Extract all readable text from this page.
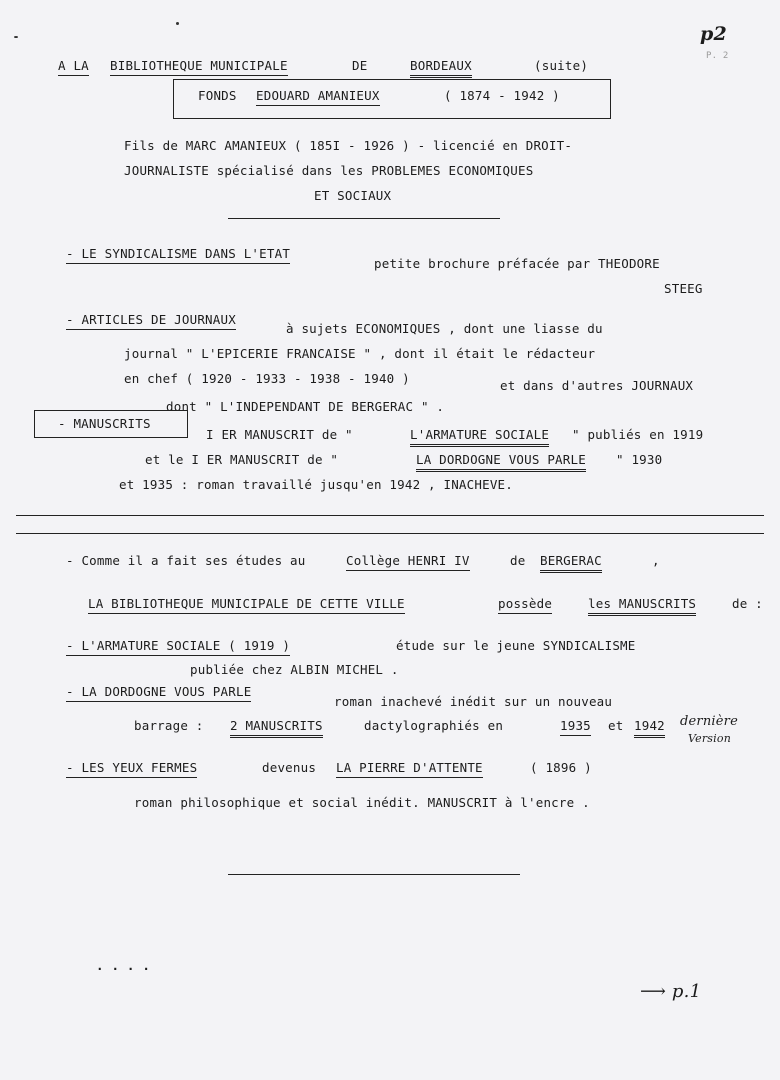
p2
P. 2
A LA BIBLIOTHEQUE MUNICIPALE	DE	BORDEAUX	(suite)
FONDS EDOUARD AMANIEUX	( 1874 - 1942 )
Fils de MARC AMANIEUX ( 185I - 1926 ) - licencié en DROIT-
JOURNALISTE spécialisé dans les PROBLEMES ECONOMIQUES
ET SOCIAUX
- LE SYNDICALISME DANS L'ETAT
petite brochure préfacée par THEODORE
STEEG
- ARTICLES DE JOURNAUX
à sujets ECONOMIQUES , dont une liasse du
journal " L'EPICERIE FRANCAISE " , dont il était le rédacteur
en chef ( 1920 - 1933 - 1938 - 1940 )	et dans d'autres JOURNAUX
dont " L'INDEPENDANT DE BERGERAC " .
- MANUSCRITS
I ER MANUSCRIT de "	L'ARMATURE SOCIALE " publiés en 1919
et le I ER MANUSCRIT de "	LA DORDOGNE VOUS PARLE " 1930
et 1935 : roman travaillé jusqu'en 1942 , INACHEVE.
- Comme il a fait ses études au	Collège HENRI IV	de BERGERAC	,
LA BIBLIOTHEQUE MUNICIPALE DE CETTE VILLE	possède	les MANUSCRITS	de :
- L'ARMATURE SOCIALE ( 1919 )	étude sur le jeune SYNDICALISME
publiée chez ALBIN MICHEL .
- LA DORDOGNE VOUS PARLE
roman inachevé inédit sur un nouveau
barrage : 2 MANUSCRITS	dactylographiés en	1935 et 1942 dernière
Version
- LES YEUX FERMES	devenus LA PIERRE D'ATTENTE	( 1896 )
roman philosophique et social inédit. MANUSCRIT à l'encre .
. . . .
⟶ p.1
